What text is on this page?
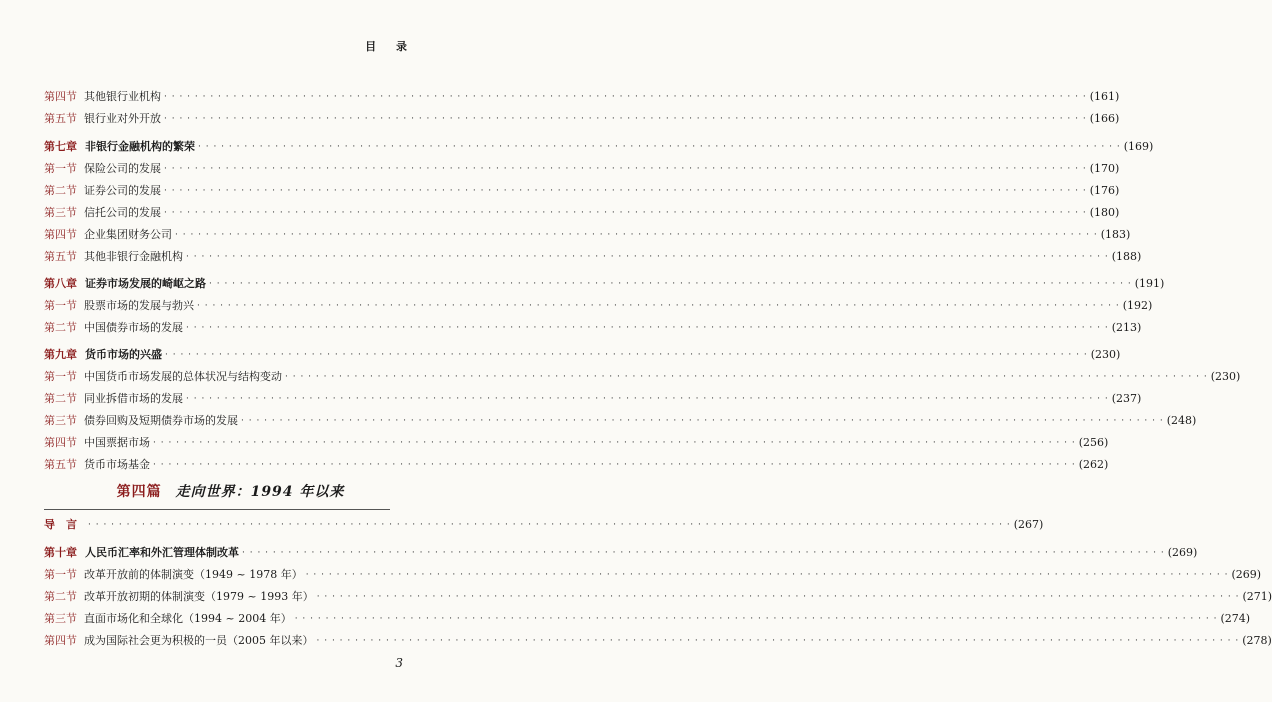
目 录
第四节 其他银行业机构 · · · · · · · · · · · · · · · · · · · · · · · · · · · · · · · · · · · · · · · · · · · · · · · · · · · · · · · · · · · · · · · · · · · · · · · · · · · · · · · · · · · · · · · · · · · · · · · · · · · · · · · · · · · · · · · · · · · · · · · · (161)
第五节 银行业对外开放 · · · · · · · · · · · · · · · · · · · · · · · · · · · · · · · · · · · · · · · · · · · · · · · · · · · · · · · · · · · · · · · · · · · · · · · · · · · · · · · · · · · · · · · · · · · · · · · · · · · · · · · · · · · · · · · · · · · · · · · · (166)
第七章 非银行金融机构的繁荣 · · · · · · · · · · · · · · · · · · · · · · · · · · · · · · · · · · · · · · · · · · · · · · · · · · · · · · · · · · · · · · · · · · · · · · · · · · · · · · · · · · · · · · · · · · · · · · · · · · · · · · · · · · · · · · · · · · · · · · · · (169)
第一节 保险公司的发展 · · · · · · · · · · · · · · · · · · · · · · · · · · · · · · · · · · · · · · · · · · · · · · · · · · · · · · · · · · · · · · · · · · · · · · · · · · · · · · · · · · · · · · · · · · · · · · · · · · · · · · · · · · · · · · · · · · · · · · · · (170)
第二节 证券公司的发展 · · · · · · · · · · · · · · · · · · · · · · · · · · · · · · · · · · · · · · · · · · · · · · · · · · · · · · · · · · · · · · · · · · · · · · · · · · · · · · · · · · · · · · · · · · · · · · · · · · · · · · · · · · · · · · · · · · · · · · · · (176)
第三节 信托公司的发展 · · · · · · · · · · · · · · · · · · · · · · · · · · · · · · · · · · · · · · · · · · · · · · · · · · · · · · · · · · · · · · · · · · · · · · · · · · · · · · · · · · · · · · · · · · · · · · · · · · · · · · · · · · · · · · · · · · · · · · · · (180)
第四节 企业集团财务公司 · · · · · · · · · · · · · · · · · · · · · · · · · · · · · · · · · · · · · · · · · · · · · · · · · · · · · · · · · · · · · · · · · · · · · · · · · · · · · · · · · · · · · · · · · · · · · · · · · · · · · · · · · · · · · · · · · · · · · · · · (183)
第五节 其他非银行金融机构 · · · · · · · · · · · · · · · · · · · · · · · · · · · · · · · · · · · · · · · · · · · · · · · · · · · · · · · · · · · · · · · · · · · · · · · · · · · · · · · · · · · · · · · · · · · · · · · · · · · · · · · · · · · · · · · · · · · · · · · · (188)
第八章 证券市场发展的崎岖之路 · · · · · · · · · · · · · · · · · · · · · · · · · · · · · · · · · · · · · · · · · · · · · · · · · · · · · · · · · · · · · · · · · · · · · · · · · · · · · · · · · · · · · · · · · · · · · · · · · · · · · · · · · · · · · · · · · · · · · · · · (191)
第一节 股票市场的发展与勃兴 · · · · · · · · · · · · · · · · · · · · · · · · · · · · · · · · · · · · · · · · · · · · · · · · · · · · · · · · · · · · · · · · · · · · · · · · · · · · · · · · · · · · · · · · · · · · · · · · · · · · · · · · · · · · · · · · · · · · · · · · (192)
第二节 中国债券市场的发展 · · · · · · · · · · · · · · · · · · · · · · · · · · · · · · · · · · · · · · · · · · · · · · · · · · · · · · · · · · · · · · · · · · · · · · · · · · · · · · · · · · · · · · · · · · · · · · · · · · · · · · · · · · · · · · · · · · · · · · · · (213)
第九章 货币市场的兴盛 · · · · · · · · · · · · · · · · · · · · · · · · · · · · · · · · · · · · · · · · · · · · · · · · · · · · · · · · · · · · · · · · · · · · · · · · · · · · · · · · · · · · · · · · · · · · · · · · · · · · · · · · · · · · · · · · · · · · · · · · (230)
第一节 中国货币市场发展的总体状况与结构变动 · · · · · · · · · · · · · · · · · · · · · · · · · · · · · · · · · · · · · · · · · · · · · · · · · · · · · · · · · · · · · · · · · · · · · · · · · · · · · · · · · · · · · · · · · · · · · · · · · · · · · · · · · · · · · · · · · · · · · · · · (230)
第二节 同业拆借市场的发展 · · · · · · · · · · · · · · · · · · · · · · · · · · · · · · · · · · · · · · · · · · · · · · · · · · · · · · · · · · · · · · · · · · · · · · · · · · · · · · · · · · · · · · · · · · · · · · · · · · · · · · · · · · · · · · · · · · · · · · · · (237)
第三节 债券回购及短期债券市场的发展 · · · · · · · · · · · · · · · · · · · · · · · · · · · · · · · · · · · · · · · · · · · · · · · · · · · · · · · · · · · · · · · · · · · · · · · · · · · · · · · · · · · · · · · · · · · · · · · · · · · · · · · · · · · · · · · · · · · · · · · · (248)
第四节 中国票据市场 · · · · · · · · · · · · · · · · · · · · · · · · · · · · · · · · · · · · · · · · · · · · · · · · · · · · · · · · · · · · · · · · · · · · · · · · · · · · · · · · · · · · · · · · · · · · · · · · · · · · · · · · · · · · · · · · · · · · · · · · (256)
第五节 货币市场基金 · · · · · · · · · · · · · · · · · · · · · · · · · · · · · · · · · · · · · · · · · · · · · · · · · · · · · · · · · · · · · · · · · · · · · · · · · · · · · · · · · · · · · · · · · · · · · · · · · · · · · · · · · · · · · · · · · · · · · · · · (262)
导　言 · · · · · · · · · · · · · · · · · · · · · · · · · · · · · · · · · · · · · · · · · · · · · · · · · · · · · · · · · · · · · · · · · · · · · · · · · · · · · · · · · · · · · · · · · · · · · · · · · · · · · · · · · · · · · · · · · · · · · · · · (267)
第十章 人民币汇率和外汇管理体制改革 · · · · · · · · · · · · · · · · · · · · · · · · · · · · · · · · · · · · · · · · · · · · · · · · · · · · · · · · · · · · · · · · · · · · · · · · · · · · · · · · · · · · · · · · · · · · · · · · · · · · · · · · · · · · · · · · · · · · · · · · (269)
第一节 改革开放前的体制演变（1949 ~ 1978 年） · · · · · · · · · · · · · · · · · · · · · · · · · · · · · · · · · · · · · · · · · · · · · · · · · · · · · · · · · · · · · · · · · · · · · · · · · · · · · · · · · · · · · · · · · · · · · · · · · · · · · · · · · · · · · · · · · · · · · · · · (269)
第二节 改革开放初期的体制演变（1979 ~ 1993 年） · · · · · · · · · · · · · · · · · · · · · · · · · · · · · · · · · · · · · · · · · · · · · · · · · · · · · · · · · · · · · · · · · · · · · · · · · · · · · · · · · · · · · · · · · · · · · · · · · · · · · · · · · · · · · · · · · · · · · · · · (271)
第三节 直面市场化和全球化（1994 ~ 2004 年） · · · · · · · · · · · · · · · · · · · · · · · · · · · · · · · · · · · · · · · · · · · · · · · · · · · · · · · · · · · · · · · · · · · · · · · · · · · · · · · · · · · · · · · · · · · · · · · · · · · · · · · · · · · · · · · · · · · · · · · · (274)
第四节 成为国际社会更为积极的一员（2005 年以来） · · · · · · · · · · · · · · · · · · · · · · · · · · · · · · · · · · · · · · · · · · · · · · · · · · · · · · · · · · · · · · · · · · · · · · · · · · · · · · · · · · · · · · · · · · · · · · · · · · · · · · · · · · · · · · · · · · · · · · · · (278)
第四篇 走向世界：1994 年以来
3
